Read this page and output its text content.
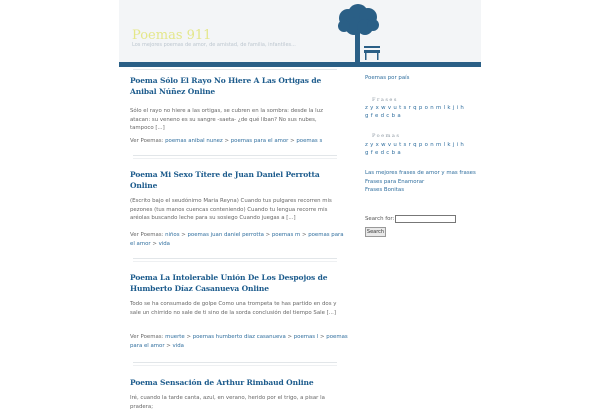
Poemas 911
Los mejores poemas de amor, de amistad, de familia, infantiles...
Poema Sólo El Rayo No Hiere A Las Ortigas de Anibal Núñez Online
Sólo el rayo no hiere a las ortigas, se cubren en la sombra: desde la luz atacan: su veneno es su sangre -saeta- ¿de qué liban? No sus nubes, tampoco [...]
Ver Poemas: poemas anibal nunez > poemas para el amor > poemas s
Poema Mi Sexo Títere de Juan Daniel Perrotta Online
(Escrito bajo el seudónimo Maria Reyna) Cuando tus pulgares recorren mis pezones (tus manos cuencas conteniendo) Cuando tu lengua recorre mis aréolas buscando leche para su sosiego Cuando juegas a [...]
Ver Poemas: niños > poemas juan daniel perrotta > poemas m > poemas para el amor > vida
Poema La Intolerable Unión De Los Despojos de Humberto Díaz Casanueva Online
Todo se ha consumado de golpe Como una trompeta te has partido en dos y sale un chirrido no sale de ti sino de la sorda conclusión del tiempo Sale [...]
Ver Poemas: muerte > poemas humberto diaz casanueva > poemas l > poemas para el amor > vida
Poema Sensación de Arthur Rimbaud Online
Iré, cuando la tarde canta, azul, en verano, herido por el trigo, a pisar la pradera;
Poemas por país
Frases
z y x w v u t s r q p o n m l k j i h g f e d c b a
Poemas
z y x w v u t s r q p o n m l k j i h g f e d c b a
Las mejores frases de amor y mas frases
Frases para Enamorar
Frases Bonitas
Search for:
Search
